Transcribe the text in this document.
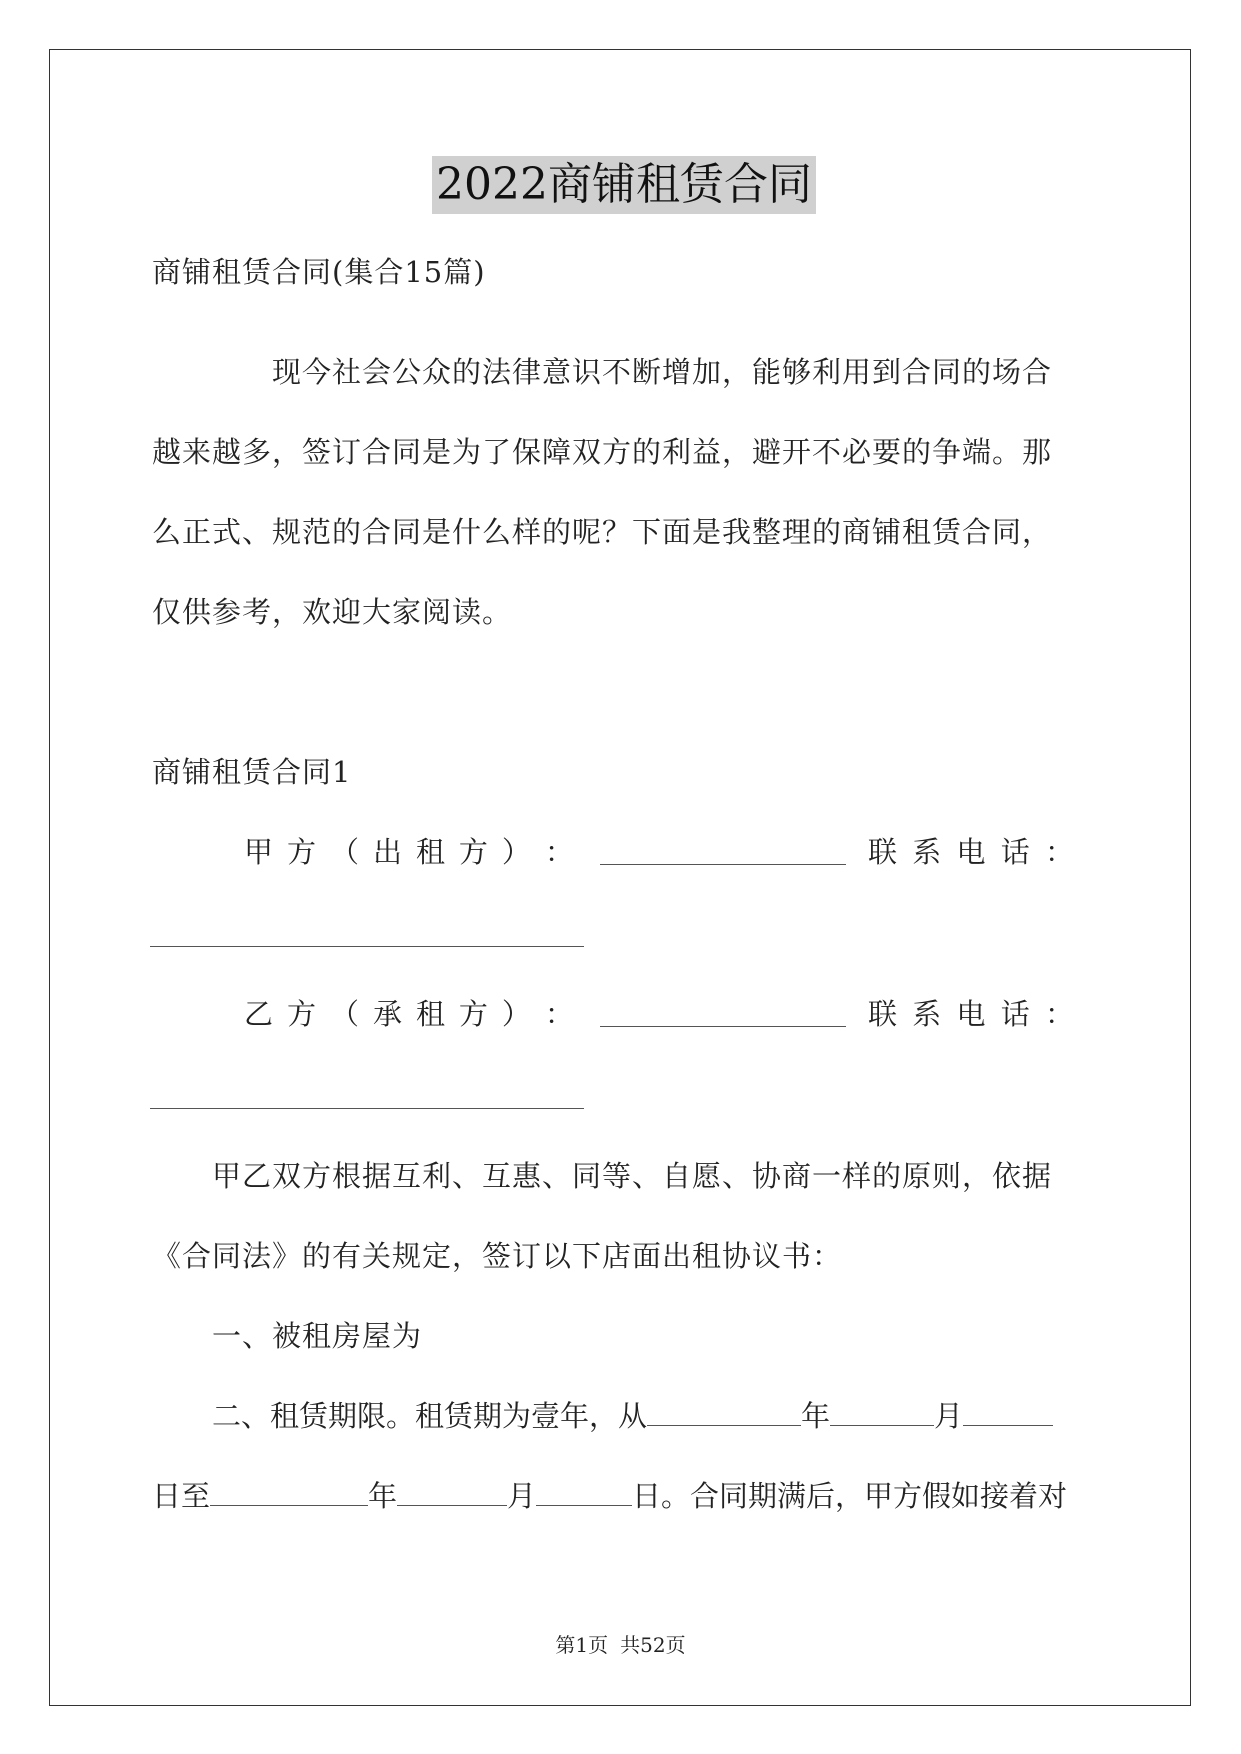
2022商铺租赁合同
商铺租赁合同(集合15篇)
现今社会公众的法律意识不断增加，能够利用到合同的场合
越来越多，签订合同是为了保障双方的利益，避开不必要的争端。那
么正式、规范的合同是什么样的呢？下面是我整理的商铺租赁合同，
仅供参考，欢迎大家阅读。
商铺租赁合同1
甲 方 （ 出 租 方 ） ：	联 系 电 话 ：
乙 方 （ 承 租 方 ） ：	联 系 电 话 ：
甲乙双方根据互利、互惠、同等、自愿、协商一样的原则，依据
《合同法》的有关规定，签订以下店面出租协议书：
一、被租房屋为
二、租赁期限。租赁期为壹年，从	年	月
日至	年	月	日。合同期满后，甲方假如接着对
第1页 共52页
